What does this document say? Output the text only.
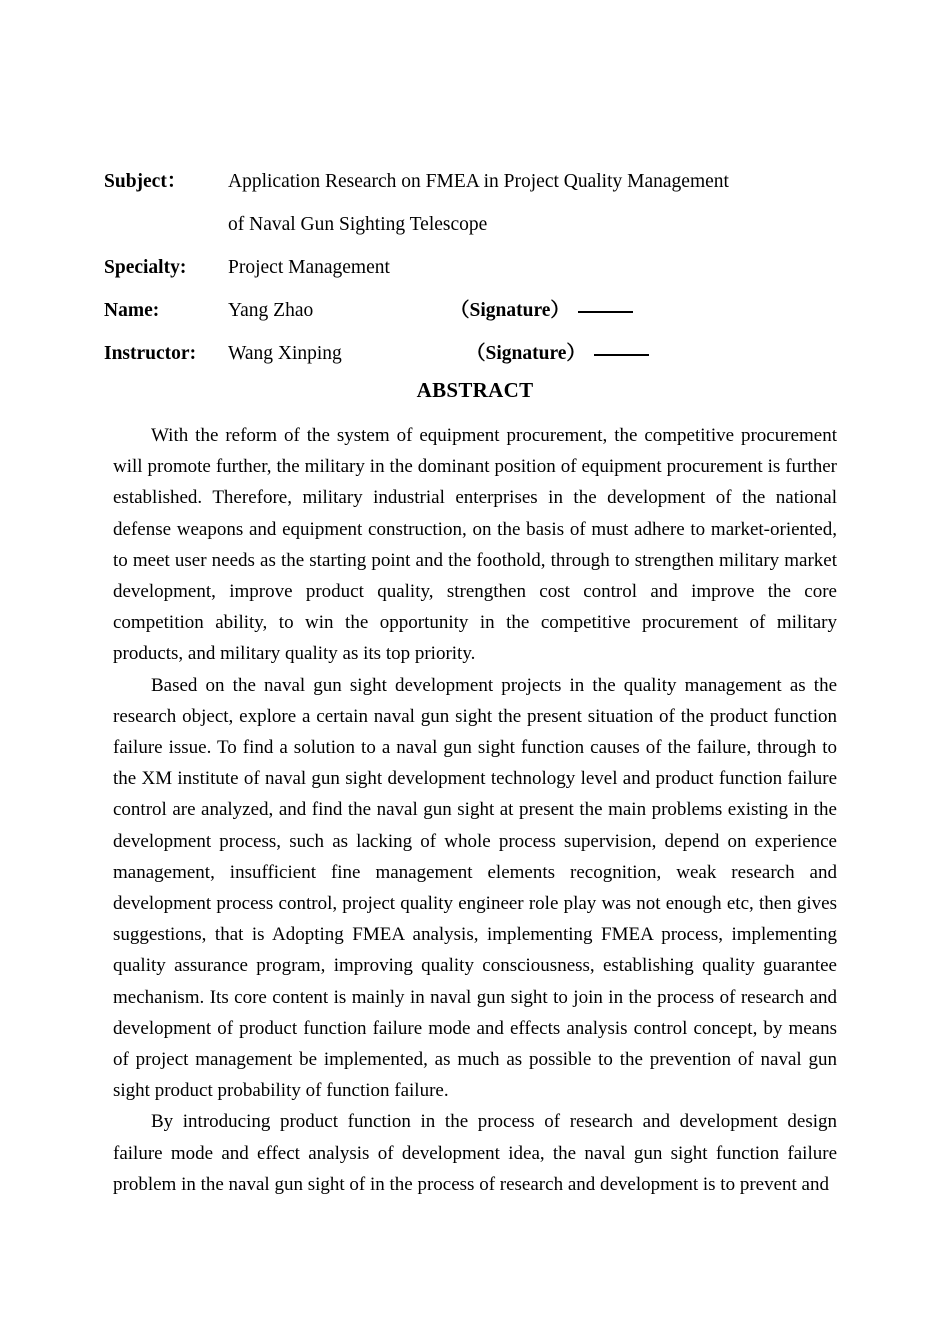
Subject：	Application Research on FMEA in Project Quality Management
of Naval Gun Sighting Telescope
Specialty:	Project Management
Name:	Yang Zhao	（Signature）
Instructor:	Wang Xinping	（Signature）
ABSTRACT

With the reform of the system of equipment procurement, the competitive procurement will promote further, the military in the dominant position of equipment procurement is further established. Therefore, military industrial enterprises in the development of the national defense weapons and equipment construction, on the basis of must adhere to market-oriented, to meet user needs as the starting point and the foothold, through to strengthen military market development, improve product quality, strengthen cost control and improve the core competition ability, to win the opportunity in the competitive procurement of military products, and military quality as its top priority.

Based on the naval gun sight development projects in the quality management as the research object, explore a certain naval gun sight the present situation of the product function failure issue. To find a solution to a naval gun sight function causes of the failure, through to the XM institute of naval gun sight development technology level and product function failure control are analyzed, and find the naval gun sight at present the main problems existing in the development process, such as lacking of whole process supervision, depend on experience management, insufficient fine management elements recognition, weak research and development process control, project quality engineer role play was not enough etc, then gives suggestions, that is Adopting FMEA analysis, implementing FMEA process, implementing quality assurance program, improving quality consciousness, establishing quality guarantee mechanism. Its core content is mainly in naval gun sight to join in the process of research and development of product function failure mode and effects analysis control concept, by means of project management be implemented, as much as possible to the prevention of naval gun sight product probability of function failure.

By introducing product function in the process of research and development design failure mode and effect analysis of development idea, the naval gun sight function failure problem in the naval gun sight of in the process of research and development is to prevent and
